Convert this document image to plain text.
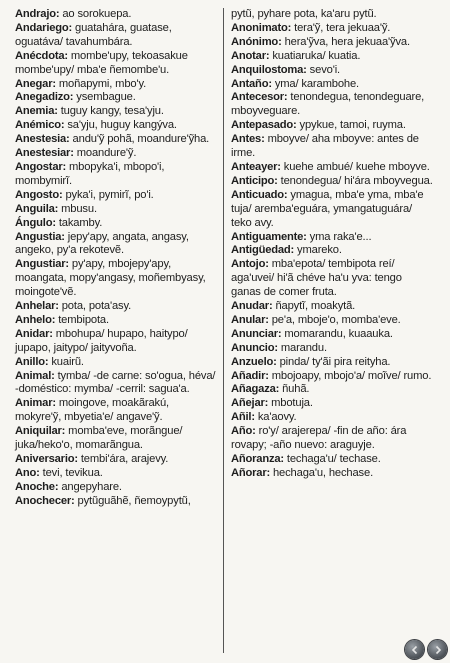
Andrajo: ao sorokuepa.

Andariego: guatahára, guatase, oguatáva/ tavahumbára.

Anécdota: mombe'upy, tekoasakue mombe'upy/ mba'e ñemombe'u.

Anegar: moñapymi, mbo'y.

Anegadizo: ysembague.

Anemia: tuguy kangy, tesa'yju.

Anémico: sa'yju, huguy kangýva.

Anestesia: andu'ỹ pohã, moandure'ỹha.

Anestesiar: moandure'ỹ.

Angostar: mbopyka'i, mbopo'i, mombymirĩ.

Angosto: pyka'i, pymirĩ, po'i.

Anguila: mbusu.

Ángulo: takamby.

Angustia: jepy'apy, angata, angasy, angeko, py'a rekotevẽ.

Angustiar: py'apy, mbojepy'apy, moangata, mopy'angasy, moñembyasy, moingote'vẽ.

Anhelar: pota, pota'asy.

Anhelo: tembipota.

Anidar: mbohupa/ hupapo, haitypo/ jupapo, jaitypo/ jaityvoña.

Anillo: kuairũ.

Animal: tymba/ -de carne: so'ogua, héva/ -doméstico: mymba/ -cerril: sagua'a.

Animar: moingove, moakãrakú, mokyre'ỹ, mbyetia'e/ angave'ỹ.

Aniquilar: momba'eve, morãngue/ juka/heko'o, momarãngua.

Aniversario: tembi'ára, arajevy.

Ano: tevi, tevikua.

Anoche: angepyhare.

Anochecer: pytũguãhẽ, ñemoypytũ,

pytũ, pyhare pota, ka'aru pytũ.

Anonimato: tera'ỹ, tera jekuaa'ỹ.

Anónimo: hera'ỹva, hera jekuaa'ỹva.

Anotar: kuatiaruka/ kuatia.

Anquilostoma: sevo'i.

Antaño: yma/ karambohe.

Antecesor: tenondegua, tenondeguare, mboyveguare.

Antepasado: ypykue, tamoi, ruyma.

Antes: mboyve/ aha mboyve: antes de irme.

Anteayer: kuehe ambué/ kuehe mboyve.

Anticipo: tenondegua/ hi'ára mboyvegua.

Anticuado: ymagua, mba'e yma, mba'e tuja/ aremba'eguára, ymangatuguára/ teko avy.

Antiguamente: yma raka'e...

Antigüedad: ymareko.

Antojo: mba'epota/ tembipota reí/ aga'uvei/ hi'ã chéve ha'u yva: tengo ganas de comer fruta.

Anudar: ñapytĩ, moakytã.

Anular: pe'a, mboje'o, momba'eve.

Anunciar: momarandu, kuaauka.

Anuncio: marandu.

Anzuelo: pinda/ ty'ãi pira reityha.

Añadir: mbojoapy, mbojo'a/ moĩve/ rumo.

Añagaza: ñuhã.

Añejar: mbotuja.

Añil: ka'aovy.

Año: ro'y/ arajerepa/ -fin de año: ára rovapy; -año nuevo: araguyje.

Añoranza: techaga'u/ techase.

Añorar: hechaga'u, hechase.
